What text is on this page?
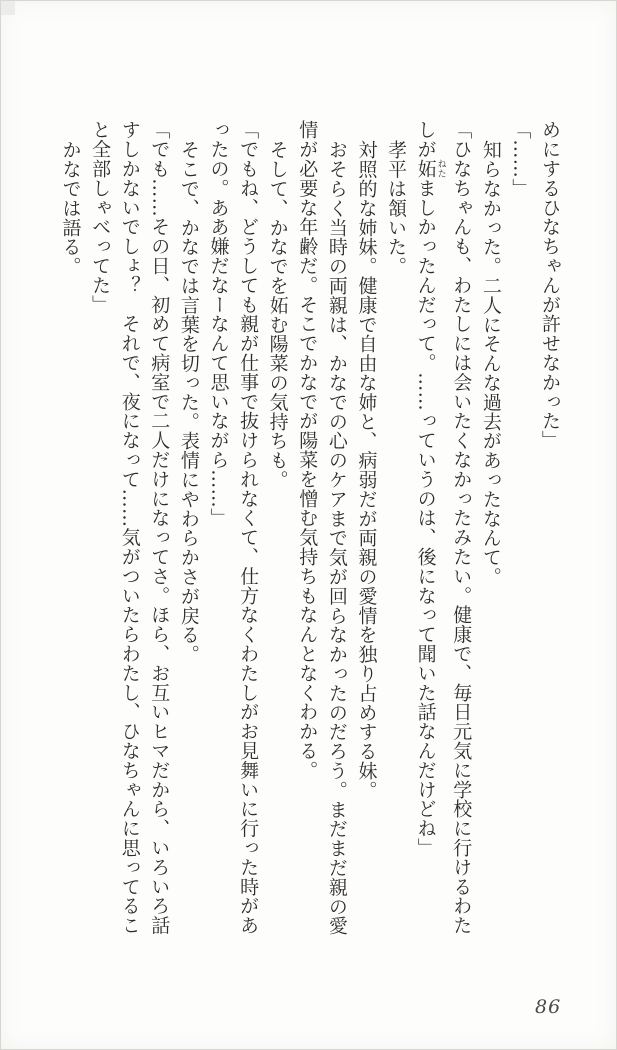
めにするひなちゃんが許せなかった」

「……」

知らなかった。二人にそんな過去があったなんて。

「ひなちゃんも、わたしには会いたくなかったみたい。健康で、毎日元気に学校に行けるわた

しが妬 ねたましかったんだって。……っていうのは、後になって聞いた話なんだけどね」

孝平は頷いた。

対照的な姉妹。健康で自由な姉と、病弱だが両親の愛情を独り占めする妹。

おそらく当時の両親は、かなでの心のケアまで気が回らなかったのだろう。まだまだ親の愛

情が必要な年齢だ。そこでかなでが陽菜を憎む気持ちもなんとなくわかる。

そして、かなでを妬む陽菜の気持ちも。

「でもね、どうしても親が仕事で抜けられなくて、仕方なくわたしがお見舞いに行った時があ

ったの。ああ嫌だなーなんて思いながら……」

そこで、かなでは言葉を切った。表情にやわらかさが戻る。

「でも……その日、初めて病室で二人だけになってさ。ほら、お互いヒマだから、いろいろ話

すしかないでしょ？　それで、夜になって……気がついたらわたし、ひなちゃんに思ってるこ

と全部しゃべってた」

かなでは語る。

86
